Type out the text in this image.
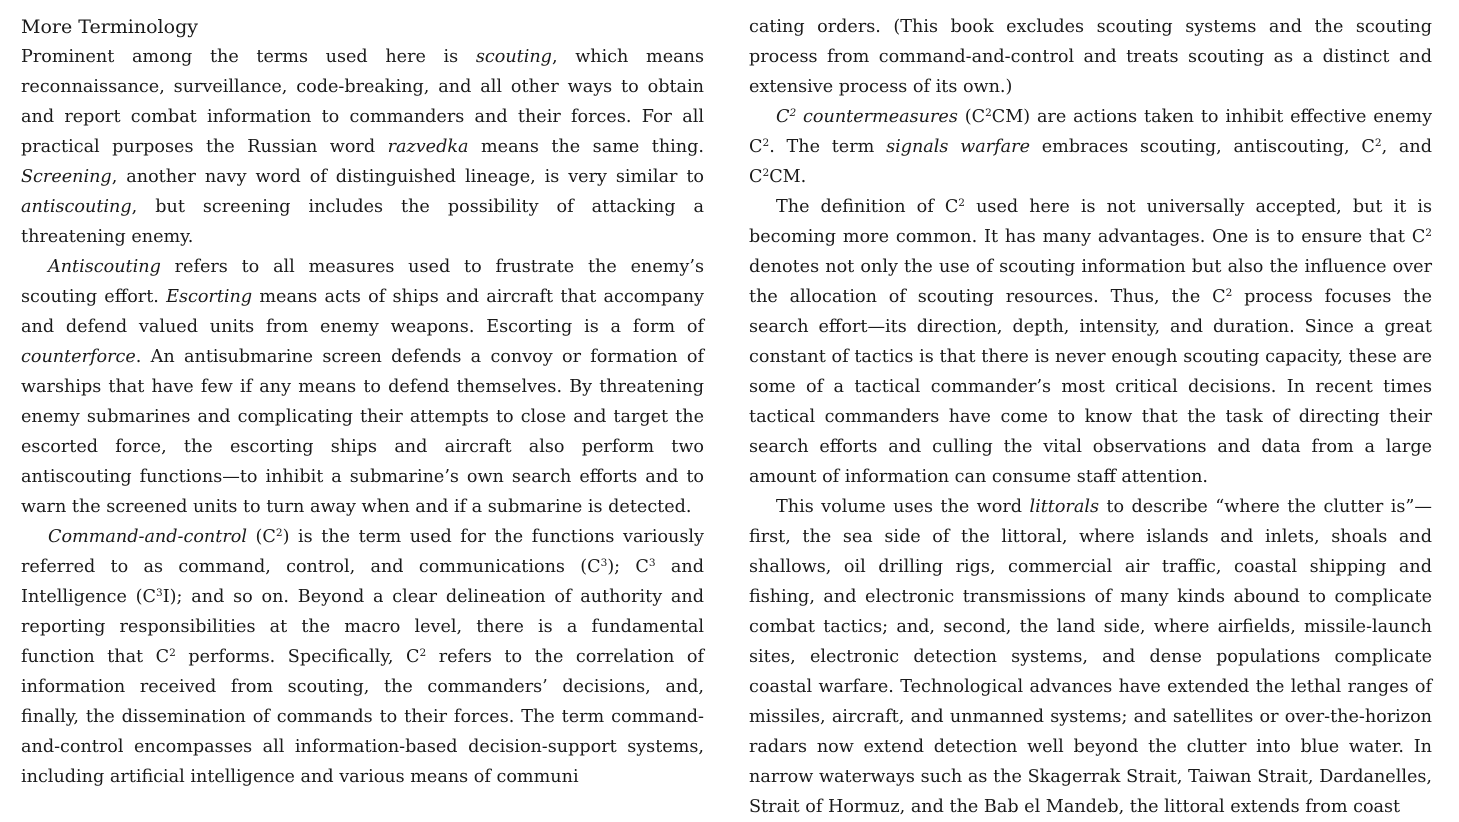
More Terminology

Prominent among the terms used here is scouting, which means reconnaissance, surveillance, code-breaking, and all other ways to obtain and report combat information to commanders and their forces. For all practical purposes the Russian word razvedka means the same thing. Screening, another navy word of distinguished lineage, is very similar to antiscouting, but screening includes the possibility of attacking a threatening enemy.

Antiscouting refers to all measures used to frustrate the enemy’s scouting effort. Escorting means acts of ships and aircraft that accompany and defend valued units from enemy weapons. Escorting is a form of counterforce. An antisubmarine screen defends a convoy or formation of warships that have few if any means to defend themselves. By threatening enemy submarines and complicating their attempts to close and target the escorted force, the escorting ships and aircraft also perform two antiscouting functions—to inhibit a submarine’s own search efforts and to warn the screened units to turn away when and if a submarine is detected.

Command-and-control $(C^2)$ is the term used for the functions variously referred to as command, control, and communications $(C^3)$; $C^3$ and Intelligence $(C^3I)$; and so on. Beyond a clear delineation of authority and reporting responsibilities at the macro level, there is a fundamental function that $C^2$ performs. Specifically, $C^2$ refers to the correlation of information received from scouting, the commanders’ decisions, and, finally, the dissemination of commands to their forces. The term command-and-control encompasses all information-based decision-support systems, including artificial intelligence and various means of communi

cating orders. (This book excludes scouting systems and the scouting process from command-and-control and treats scouting as a distinct and extensive process of its own.)

$C^2$ countermeasures $(C^2CM)$ are actions taken to inhibit effective enemy $C^2$. The term signals warfare embraces scouting, antiscouting, $C^2$, and $C^2CM$.

The definition of $C^2$ used here is not universally accepted, but it is becoming more common. It has many advantages. One is to ensure that $C^2$ denotes not only the use of scouting information but also the influence over the allocation of scouting resources. Thus, the $C^2$ process focuses the search effort—its direction, depth, intensity, and duration. Since a great constant of tactics is that there is never enough scouting capacity, these are some of a tactical commander’s most critical decisions. In recent times tactical commanders have come to know that the task of directing their search efforts and culling the vital observations and data from a large amount of information can consume staff attention.

This volume uses the word littorals to describe “where the clutter is”—first, the sea side of the littoral, where islands and inlets, shoals and shallows, oil drilling rigs, commercial air traffic, coastal shipping and fishing, and electronic transmissions of many kinds abound to complicate combat tactics; and, second, the land side, where airfields, missile-launch sites, electronic detection systems, and dense populations complicate coastal warfare. Technological advances have extended the lethal ranges of missiles, aircraft, and unmanned systems; and satellites or over-the-horizon radars now extend detection well beyond the clutter into blue water. In narrow waterways such as the Skagerrak Strait, Taiwan Strait, Dardanelles, Strait of Hormuz, and the Bab el Mandeb, the littoral extends from coast
